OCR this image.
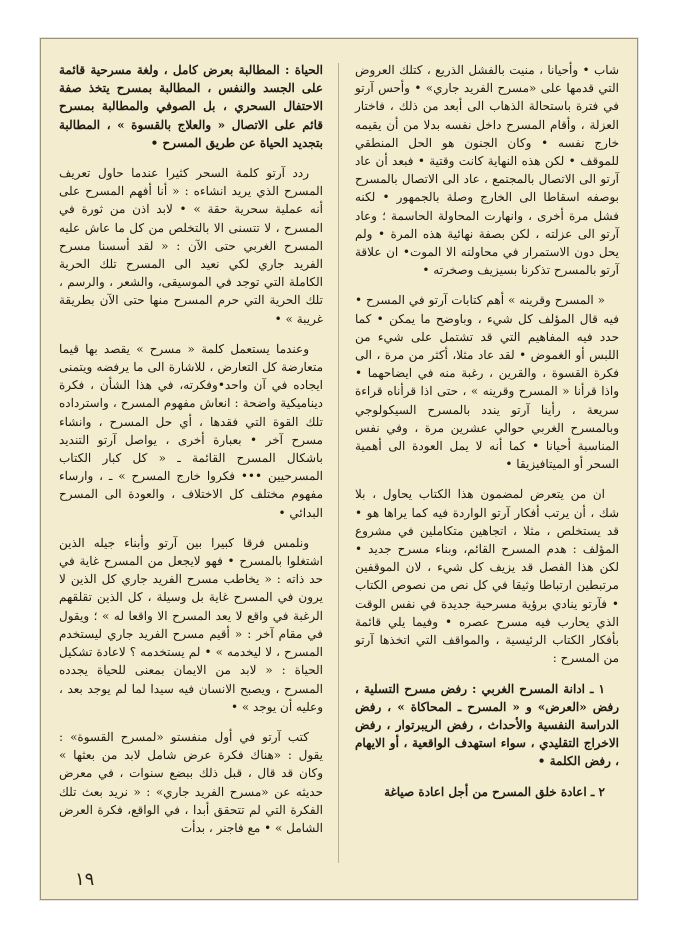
شاب • وأحيانا ، منيت بالفشل الذريع ، كتلك العروض التي قدمها على «مسرح الفريد جاري» • وأحس آرتو في فترة باستحالة الذهاب الى أبعد من ذلك ، فاختار العزلة ، وأقام المسرح داخل نفسه بدلا من أن يقيمه خارج نفسه • وكان الجنون هو الحل المنطقي للموقف • لكن هذه النهاية كانت وقتية • فبعد أن عاد آرتو الى الاتصال بالمجتمع ، عاد الى الاتصال بالمسرح بوصفه اسقاطا الى الخارج وصلة بالجمهور • لكنه فشل مرة أخرى ، وانهارت المحاولة الحاسمة ؛ وعاد آرتو الى عزلته ، لكن بصفة نهائية هذه المرة • ولم يحل دون الاستمرار في محاولته الا الموت• ان علاقة آرتو بالمسرح تذكرنا بسيزيف وصخرته •

« المسرح وقرينه » أهم كتابات آرتو في المسرح • فيه قال المؤلف كل شيء ، وباوضح ما يمكن • كما حدد فيه المفاهيم التي قد تشتمل على شيء من اللبس أو الغموض • لقد عاد مثلا، أكثر من مرة ، الى فكرة القسوة ، والقرين ، رغبة منه في ايضاحهما • واذا قرأنا « المسرح وقرينه » ، حتى اذا قرأناه قراءة سريعة ، رأينا آرتو يندد بالمسرح السيكولوجي وبالمسرح الغربي حوالي عشرين مرة ، وفي نفس المناسبة أحيانا • كما أنه لا يمل العودة الى أهمية السحر أو الميتافيزيقا •

ان من يتعرض لمضمون هذا الكتاب يحاول ، بلا شك ، أن يرتب أفكار آرتو الواردة فيه كما يراها هو • قد يستخلص ، مثلا ، اتجاهين متكاملين في مشروع المؤلف : هدم المسرح القائم، وبناء مسرح جديد • لكن هذا الفصل قد يزيف كل شيء ، لان الموقفين مرتبطين ارتباطا وثيقا في كل نص من نصوص الكتاب • فآرتو ينادي برؤية مسرحية جديدة في نفس الوقت الذي يحارب فيه مسرح عصره • وفيما يلي قائمة بأفكار الكتاب الرئيسية ، والمواقف التي اتخذها آرتو من المسرح :

١ ـ ادانة المسرح الغربي : رفض مسرح التسلية ، رفض «العرض» و « المسرح ـ المحاكاة » ، رفض الدراسة النفسية والأحداث ، رفض الريبرتوار ، رفض الاخراج التقليدي ، سواء استهدف الواقعية ، أو الايهام ، رفض الكلمة •

٢ ـ اعادة خلق المسرح من أجل اعادة صياغة

الحياة : المطالبة بعرض كامل ، ولغة مسرحية قائمة على الجسد والنفس ، المطالبة بمسرح يتخذ صفة الاحتفال السحري ، بل الصوفي والمطالبة بمسرح قائم على الاتصال « والعلاج بالقسوة » ، المطالبة بتجديد الحياة عن طريق المسرح •

ردد آرتو كلمة السحر كثيرا عندما حاول تعريف المسرح الذي يريد انشاءه : « أنا أفهم المسرح على أنه عملية سحرية حقة » • لابد اذن من ثورة في المسرح ، لا تتسنى الا بالتخلص من كل ما عاش عليه المسرح الغربي حتى الآن : « لقد أسسنا مسرح الفريد جاري لكي نعيد الى المسرح تلك الحرية الكاملة التي توجد في الموسيقى، والشعر ، والرسم ، تلك الحرية التي حرم المسرح منها حتى الآن بطريقة غريبة » •

وعندما يستعمل كلمة « مسرح » يقصد بها قيما متعارضة كل التعارض ، للاشارة الى ما يرفضه ويتمنى ايجاده في آن واحد•وفكرته، في هذا الشأن ، فكرة ديناميكية واضحة : انعاش مفهوم المسرح ، واسترداده تلك القوة التي فقدها ، أي حل المسرح ، وانشاء مسرح آخر • بعبارة أخرى ، يواصل آرتو التنديد باشكال المسرح القائمة ـ « كل كبار الكتاب المسرحيين ••• فكروا خارج المسرح » ـ ، وارساء مفهوم مختلف كل الاختلاف ، والعودة الى المسرح البدائي •

ونلمس فرقا كبيرا بين آرتو وأبناء جيله الذين اشتغلوا بالمسرح • فهو لايجعل من المسرح غاية في حد ذاته : « يخاطب مسرح الفريد جاري كل الذين لا يرون في المسرح غاية بل وسيلة ، كل الذين تقلقهم الرغبة في واقع لا يعد المسرح الا واقعا له » ؛ ويقول في مقام آخر : « أقيم مسرح الفريد جاري ليستخدم المسرح ، لا ليخدمه » • لم يستخدمه ؟ لاعادة تشكيل الحياة : « لابد من الايمان بمعنى للحياة يجدده المسرح ، ويصبح الانسان فيه سيدا لما لم يوجد بعد ، وعليه أن يوجد » •

كتب آرتو في أول منفستو «لمسرح القسوة» : يقول : «هناك فكرة عرض شامل لابد من بعثها » وكان قد قال ، قبل ذلك ببضع سنوات ، في معرض حديثه عن «مسرح الفريد جاري» : « نريد بعث تلك الفكرة التي لم تتحقق أبدا ، في الواقع، فكرة العرض الشامل » • مع فاجنر ، بدأت

١٩
